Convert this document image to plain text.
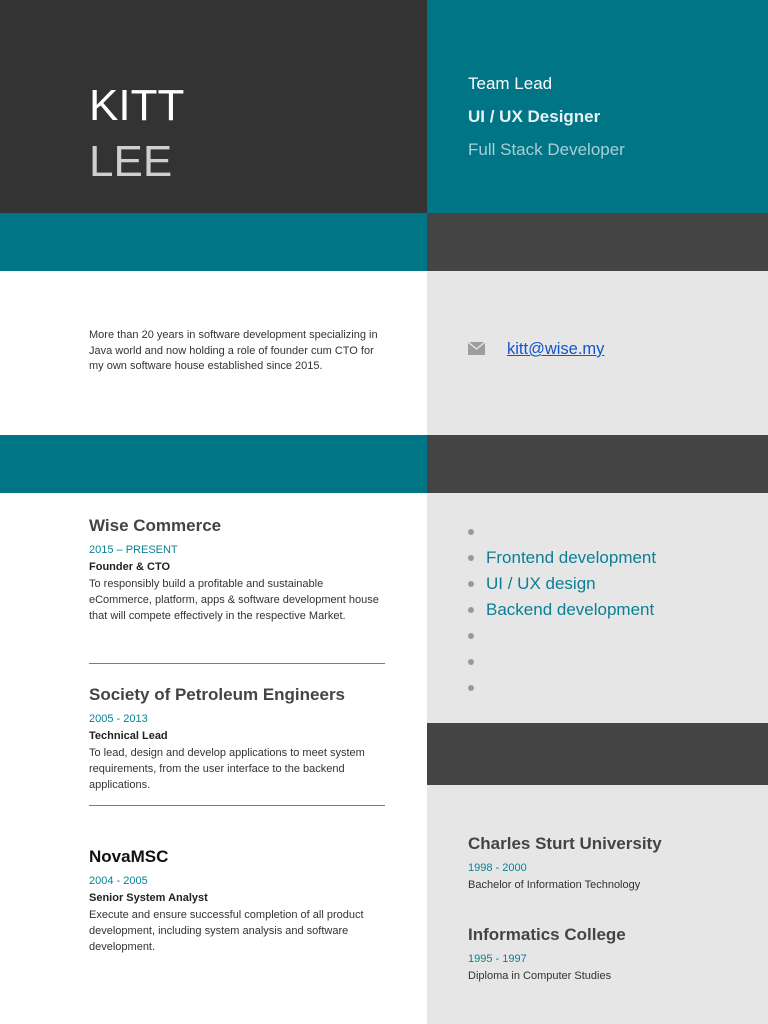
KITT
LEE
Team Lead
UI / UX Designer
Full Stack Developer
More than 20 years in software development specializing in Java world and now holding a role of founder cum CTO for my own software house established since 2015.
kitt@wise.my
Wise Commerce
2015 – PRESENT
Founder & CTO
To responsibly build a profitable and sustainable eCommerce, platform, apps & software development house that will compete effectively in the respective Market.
Society of Petroleum Engineers
2005 - 2013
Technical Lead
To lead, design and develop applications to meet system requirements, from the user interface to the backend applications.
NovaMSC
2004 - 2005
Senior System Analyst
Execute and ensure successful completion of all product development, including system analysis and software development.
Frontend development
UI / UX design
Backend development
Charles Sturt University
1998 - 2000
Bachelor of Information Technology
Informatics College
1995 - 1997
Diploma in Computer Studies
